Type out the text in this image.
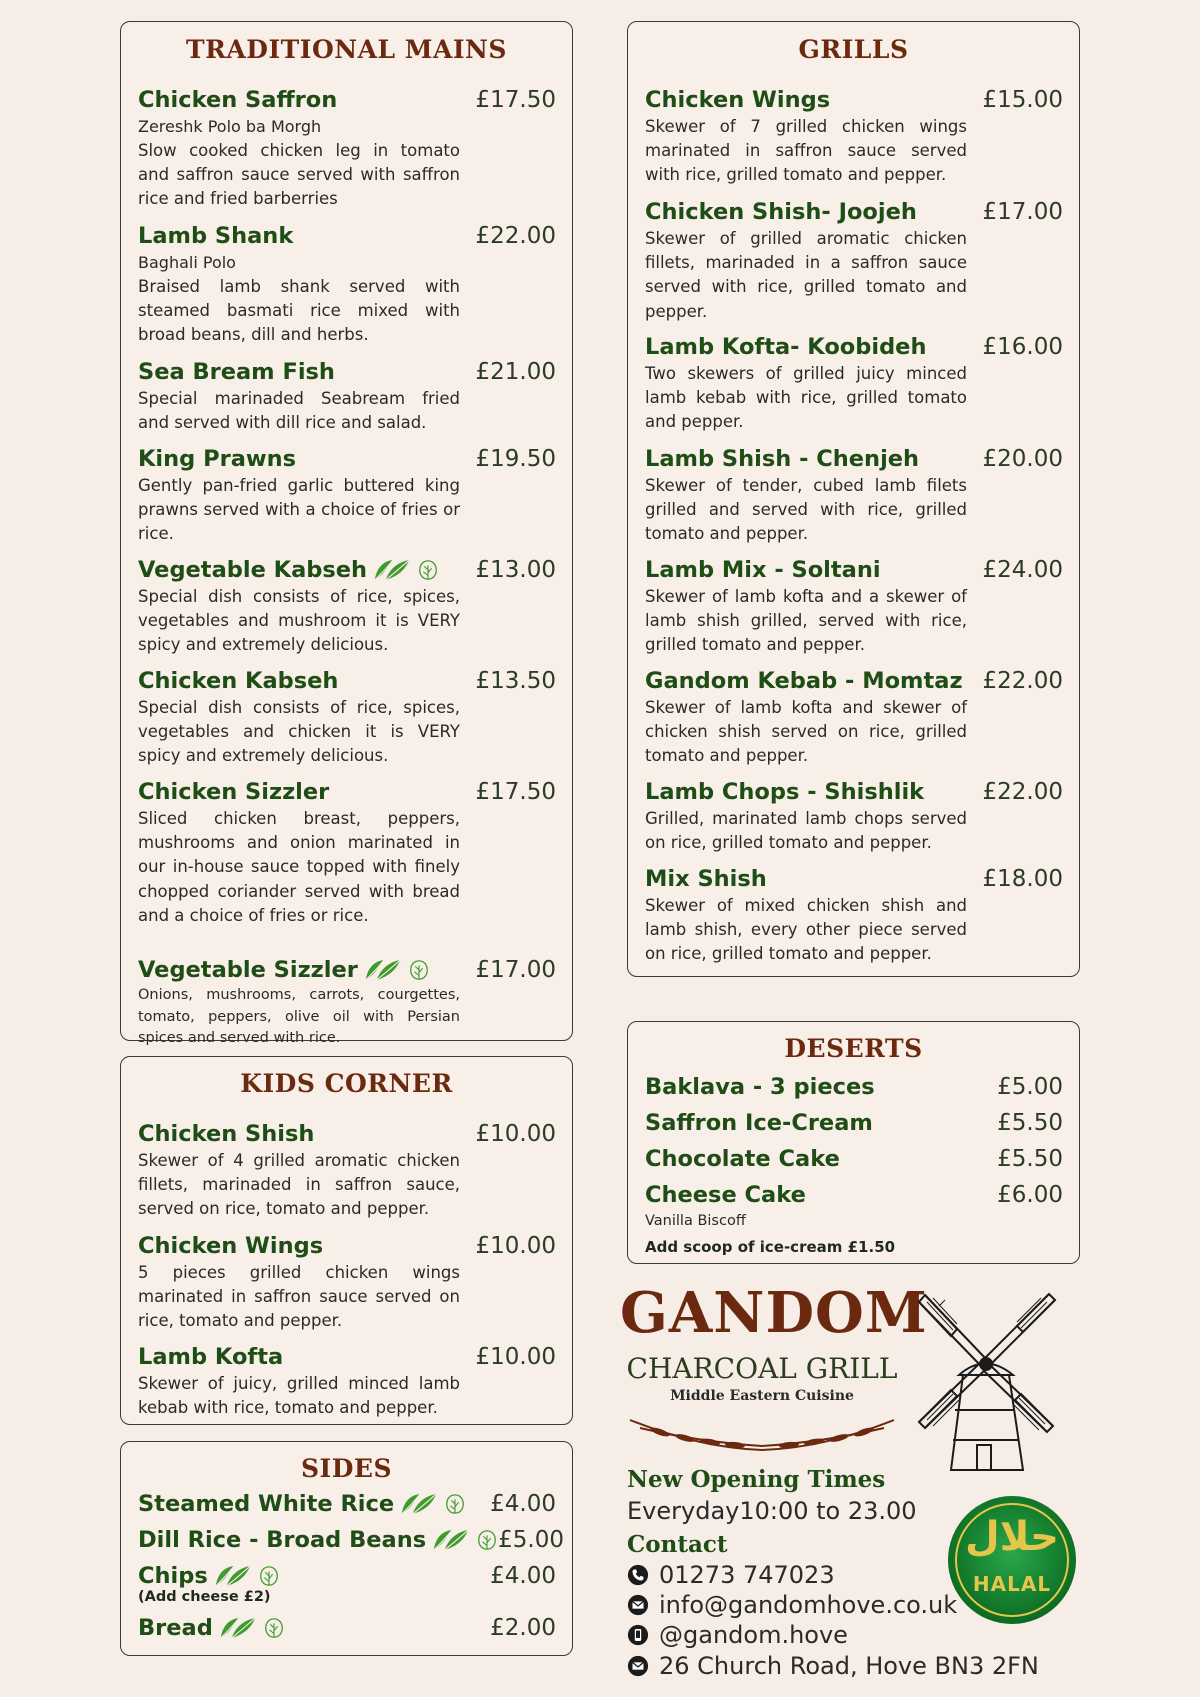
TRADITIONAL MAINS
Chicken Saffron	£17.50
Zereshk Polo ba Morgh
Slow cooked chicken leg in tomato and saffron sauce served with saffron rice and fried barberries
Lamb Shank	£22.00
Baghali Polo
Braised lamb shank served with steamed basmati rice mixed with broad beans, dill and herbs.
Sea Bream Fish	£21.00
Special marinaded Seabream fried and served with dill rice and salad.
King Prawns	£19.50
Gently pan-fried garlic buttered king prawns served with a choice of fries or rice.
Vegetable Kabseh	£13.00
Special dish consists of rice, spices, vegetables and mushroom it is VERY spicy and extremely delicious.
Chicken Kabseh	£13.50
Special dish consists of rice, spices, vegetables and chicken it is VERY spicy and extremely delicious.
Chicken Sizzler	£17.50
Sliced chicken breast, peppers, mushrooms and onion marinated in our in-house sauce topped with finely chopped coriander served with bread and a choice of fries or rice.
Vegetable Sizzler	£17.00
Onions, mushrooms, carrots, courgettes, tomato, peppers, olive oil with Persian spices and served with rice.
KIDS CORNER
Chicken Shish	£10.00
Skewer of 4 grilled aromatic chicken fillets, marinaded in saffron sauce, served on rice, tomato and pepper.
Chicken Wings	£10.00
5 pieces grilled chicken wings marinated in saffron sauce served on rice, tomato and pepper.
Lamb Kofta	£10.00
Skewer of juicy, grilled minced lamb kebab with rice, tomato and pepper.
SIDES
Steamed White Rice	£4.00
Dill Rice - Broad Beans	£5.00
Chips	£4.00
(Add cheese £2)
Bread	£2.00
GRILLS
Chicken Wings	£15.00
Skewer of 7 grilled chicken wings marinated in saffron sauce served with rice, grilled tomato and pepper.
Chicken Shish- Joojeh	£17.00
Skewer of grilled aromatic chicken fillets, marinaded in a saffron sauce served with rice, grilled tomato and pepper.
Lamb Kofta- Koobideh £16.00
Two skewers of grilled juicy minced lamb kebab with rice, grilled tomato and pepper.
Lamb Shish - Chenjeh	£20.00
Skewer of tender, cubed lamb filets grilled and served with rice, grilled tomato and pepper.
Lamb Mix - Soltani	£24.00
Skewer of lamb kofta and a skewer of lamb shish grilled, served with rice, grilled tomato and pepper.
Gandom Kebab - Momtaz £22.00
Skewer of lamb kofta and skewer of chicken shish served on rice, grilled tomato and pepper.
Lamb Chops - Shishlik	£22.00
Grilled, marinated lamb chops served on rice, grilled tomato and pepper.
Mix Shish	£18.00
Skewer of mixed chicken shish and lamb shish, every other piece served on rice, grilled tomato and pepper.
DESERTS
Baklava - 3 pieces	£5.00
Saffron Ice-Cream	£5.50
Chocolate Cake	£5.50
Cheese Cake	£6.00
Vanilla Biscoff
Add scoop of ice-cream £1.50
GANDOM
CHARCOAL GRILL
Middle Eastern Cuisine
New Opening Times
Everyday10:00 to 23.00
Contact
01273 747023
info@gandomhove.co.uk
@gandom.hove
26 Church Road, Hove BN3 2FN
حلال
HALAL
